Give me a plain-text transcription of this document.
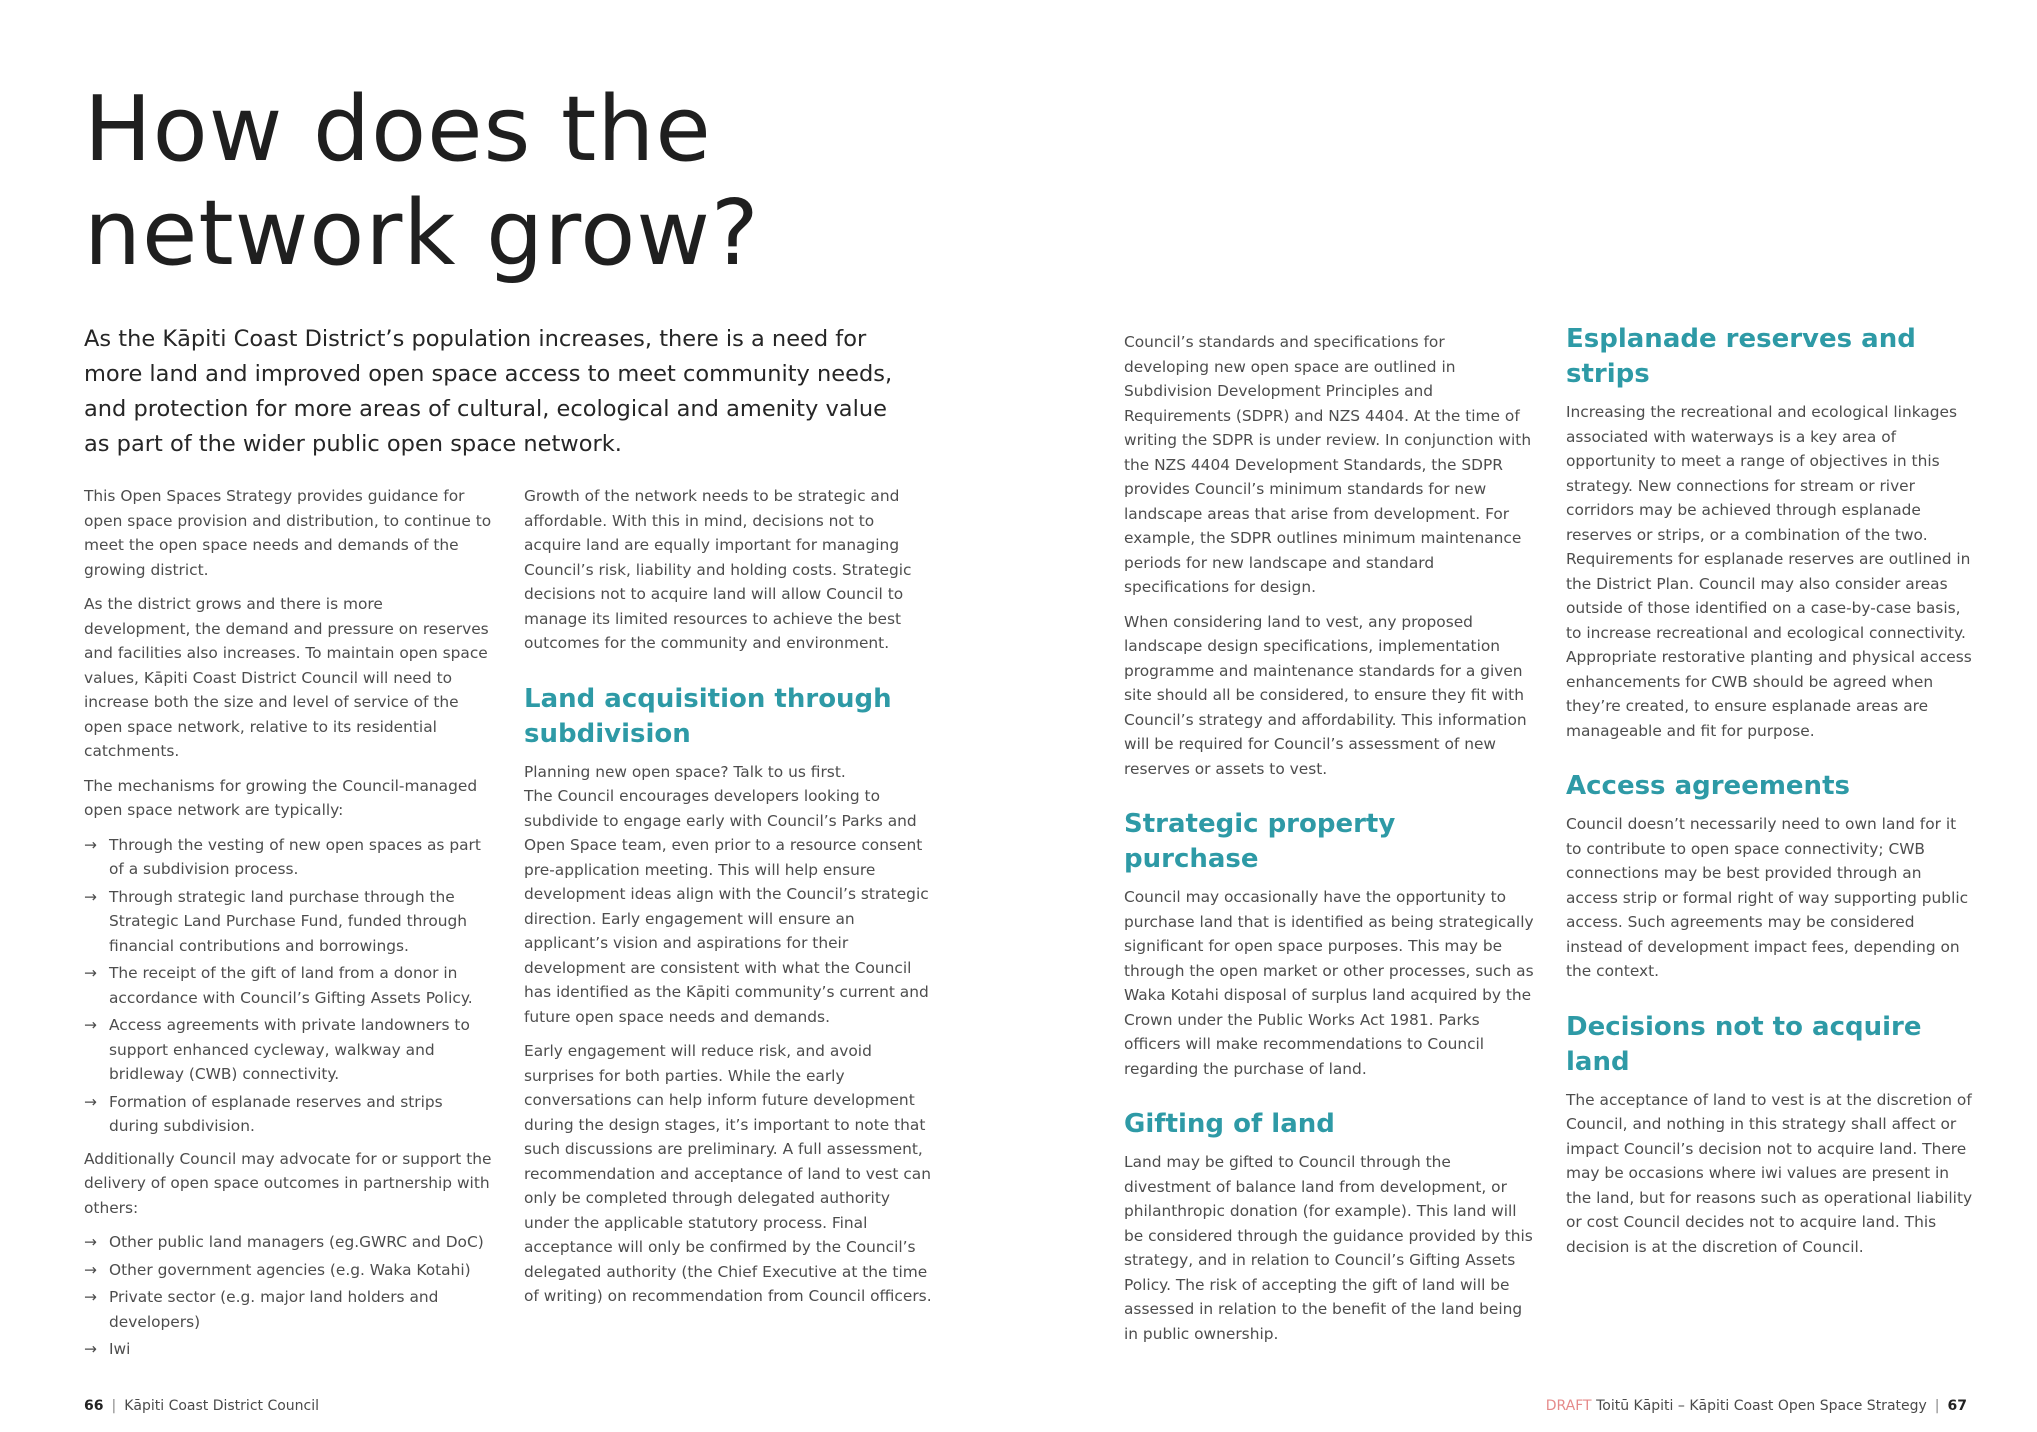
How does the
network grow?

As the Kāpiti Coast District’s population increases, there is a need for more land and improved open space access to meet community needs, and protection for more areas of cultural, ecological and amenity value as part of the wider public open space network.

This Open Spaces Strategy provides guidance for open space provision and distribution, to continue to meet the open space needs and demands of the growing district.

As the district grows and there is more development, the demand and pressure on reserves and facilities also increases. To maintain open space values, Kāpiti Coast District Council will need to increase both the size and level of service of the open space network, relative to its residential catchments.

The mechanisms for growing the Council-managed open space network are typically:

→ Through the vesting of new open spaces as part of a subdivision process.
→ Through strategic land purchase through the Strategic Land Purchase Fund, funded through financial contributions and borrowings.
→ The receipt of the gift of land from a donor in accordance with Council’s Gifting Assets Policy.
→ Access agreements with private landowners to support enhanced cycleway, walkway and bridleway (CWB) connectivity.
→ Formation of esplanade reserves and strips during subdivision.

Additionally Council may advocate for or support the delivery of open space outcomes in partnership with others:

→ Other public land managers (eg.GWRC and DoC)
→ Other government agencies (e.g. Waka Kotahi)
→ Private sector (e.g. major land holders and developers)
→ Iwi

Growth of the network needs to be strategic and affordable. With this in mind, decisions not to acquire land are equally important for managing Council’s risk, liability and holding costs. Strategic decisions not to acquire land will allow Council to manage its limited resources to achieve the best outcomes for the community and environment.

Land acquisition through subdivision

Planning new open space? Talk to us first.
The Council encourages developers looking to subdivide to engage early with Council’s Parks and Open Space team, even prior to a resource consent pre-application meeting. This will help ensure development ideas align with the Council’s strategic direction. Early engagement will ensure an applicant’s vision and aspirations for their development are consistent with what the Council has identified as the Kāpiti community’s current and future open space needs and demands.

Early engagement will reduce risk, and avoid surprises for both parties. While the early conversations can help inform future development during the design stages, it’s important to note that such discussions are preliminary. A full assessment, recommendation and acceptance of land to vest can only be completed through delegated authority under the applicable statutory process. Final acceptance will only be confirmed by the Council’s delegated authority (the Chief Executive at the time of writing) on recommendation from Council officers.

Council’s standards and specifications for developing new open space are outlined in Subdivision Development Principles and Requirements (SDPR) and NZS 4404. At the time of writing the SDPR is under review. In conjunction with the NZS 4404 Development Standards, the SDPR provides Council’s minimum standards for new landscape areas that arise from development. For example, the SDPR outlines minimum maintenance periods for new landscape and standard specifications for design.

When considering land to vest, any proposed landscape design specifications, implementation programme and maintenance standards for a given site should all be considered, to ensure they fit with Council’s strategy and affordability. This information will be required for Council’s assessment of new reserves or assets to vest.

Strategic property purchase

Council may occasionally have the opportunity to purchase land that is identified as being strategically significant for open space purposes. This may be through the open market or other processes, such as Waka Kotahi disposal of surplus land acquired by the Crown under the Public Works Act 1981. Parks officers will make recommendations to Council regarding the purchase of land.

Gifting of land

Land may be gifted to Council through the divestment of balance land from development, or philanthropic donation (for example). This land will be considered through the guidance provided by this strategy, and in relation to Council’s Gifting Assets Policy. The risk of accepting the gift of land will be assessed in relation to the benefit of the land being in public ownership.

Esplanade reserves and strips

Increasing the recreational and ecological linkages associated with waterways is a key area of opportunity to meet a range of objectives in this strategy. New connections for stream or river corridors may be achieved through esplanade reserves or strips, or a combination of the two. Requirements for esplanade reserves are outlined in the District Plan. Council may also consider areas outside of those identified on a case-by-case basis, to increase recreational and ecological connectivity. Appropriate restorative planting and physical access enhancements for CWB should be agreed when they’re created, to ensure esplanade areas are manageable and fit for purpose.

Access agreements

Council doesn’t necessarily need to own land for it to contribute to open space connectivity; CWB connections may be best provided through an access strip or formal right of way supporting public access. Such agreements may be considered instead of development impact fees, depending on the context.

Decisions not to acquire land

The acceptance of land to vest is at the discretion of Council, and nothing in this strategy shall affect or impact Council’s decision not to acquire land. There may be occasions where iwi values are present in the land, but for reasons such as operational liability or cost Council decides not to acquire land. This decision is at the discretion of Council.

66 | Kāpiti Coast District Council	DRAFT Toitū Kāpiti – Kāpiti Coast Open Space Strategy | 67
